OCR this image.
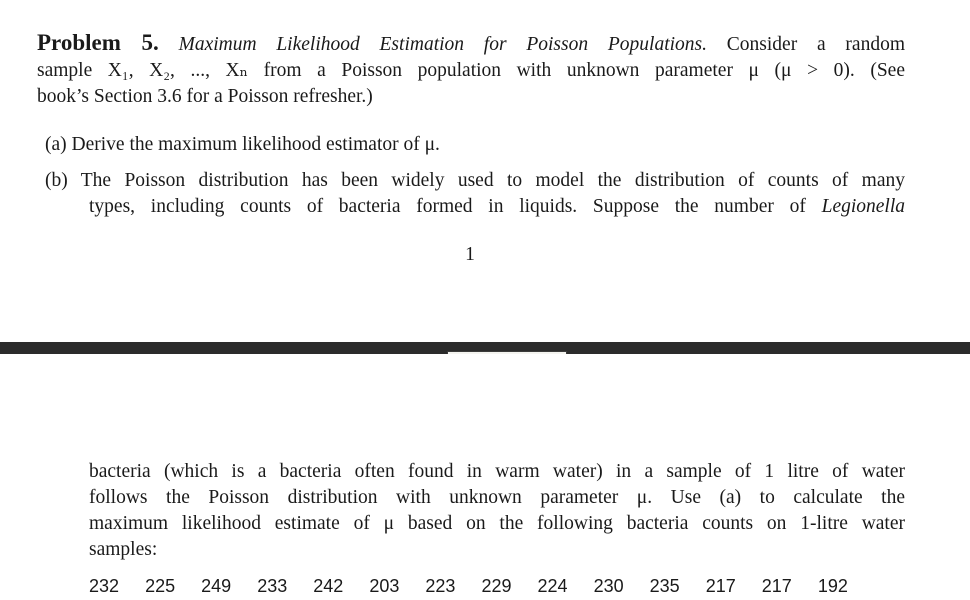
Problem 5. Maximum Likelihood Estimation for Poisson Populations. Consider a random
sample X₁, X₂, ..., Xₙ from a Poisson population with unknown parameter μ (μ > 0). (See
book’s Section 3.6 for a Poisson refresher.)
(a) Derive the maximum likelihood estimator of μ.
(b) The Poisson distribution has been widely used to model the distribution of counts of many
types, including counts of bacteria formed in liquids. Suppose the number of Legionella
1
bacteria (which is a bacteria often found in warm water) in a sample of 1 litre of water
follows the Poisson distribution with unknown parameter μ. Use (a) to calculate the
maximum likelihood estimate of μ based on the following bacteria counts on 1-litre water
samples:
232 225 249 233 242 203 223 229 224 230 235 217 217 192
